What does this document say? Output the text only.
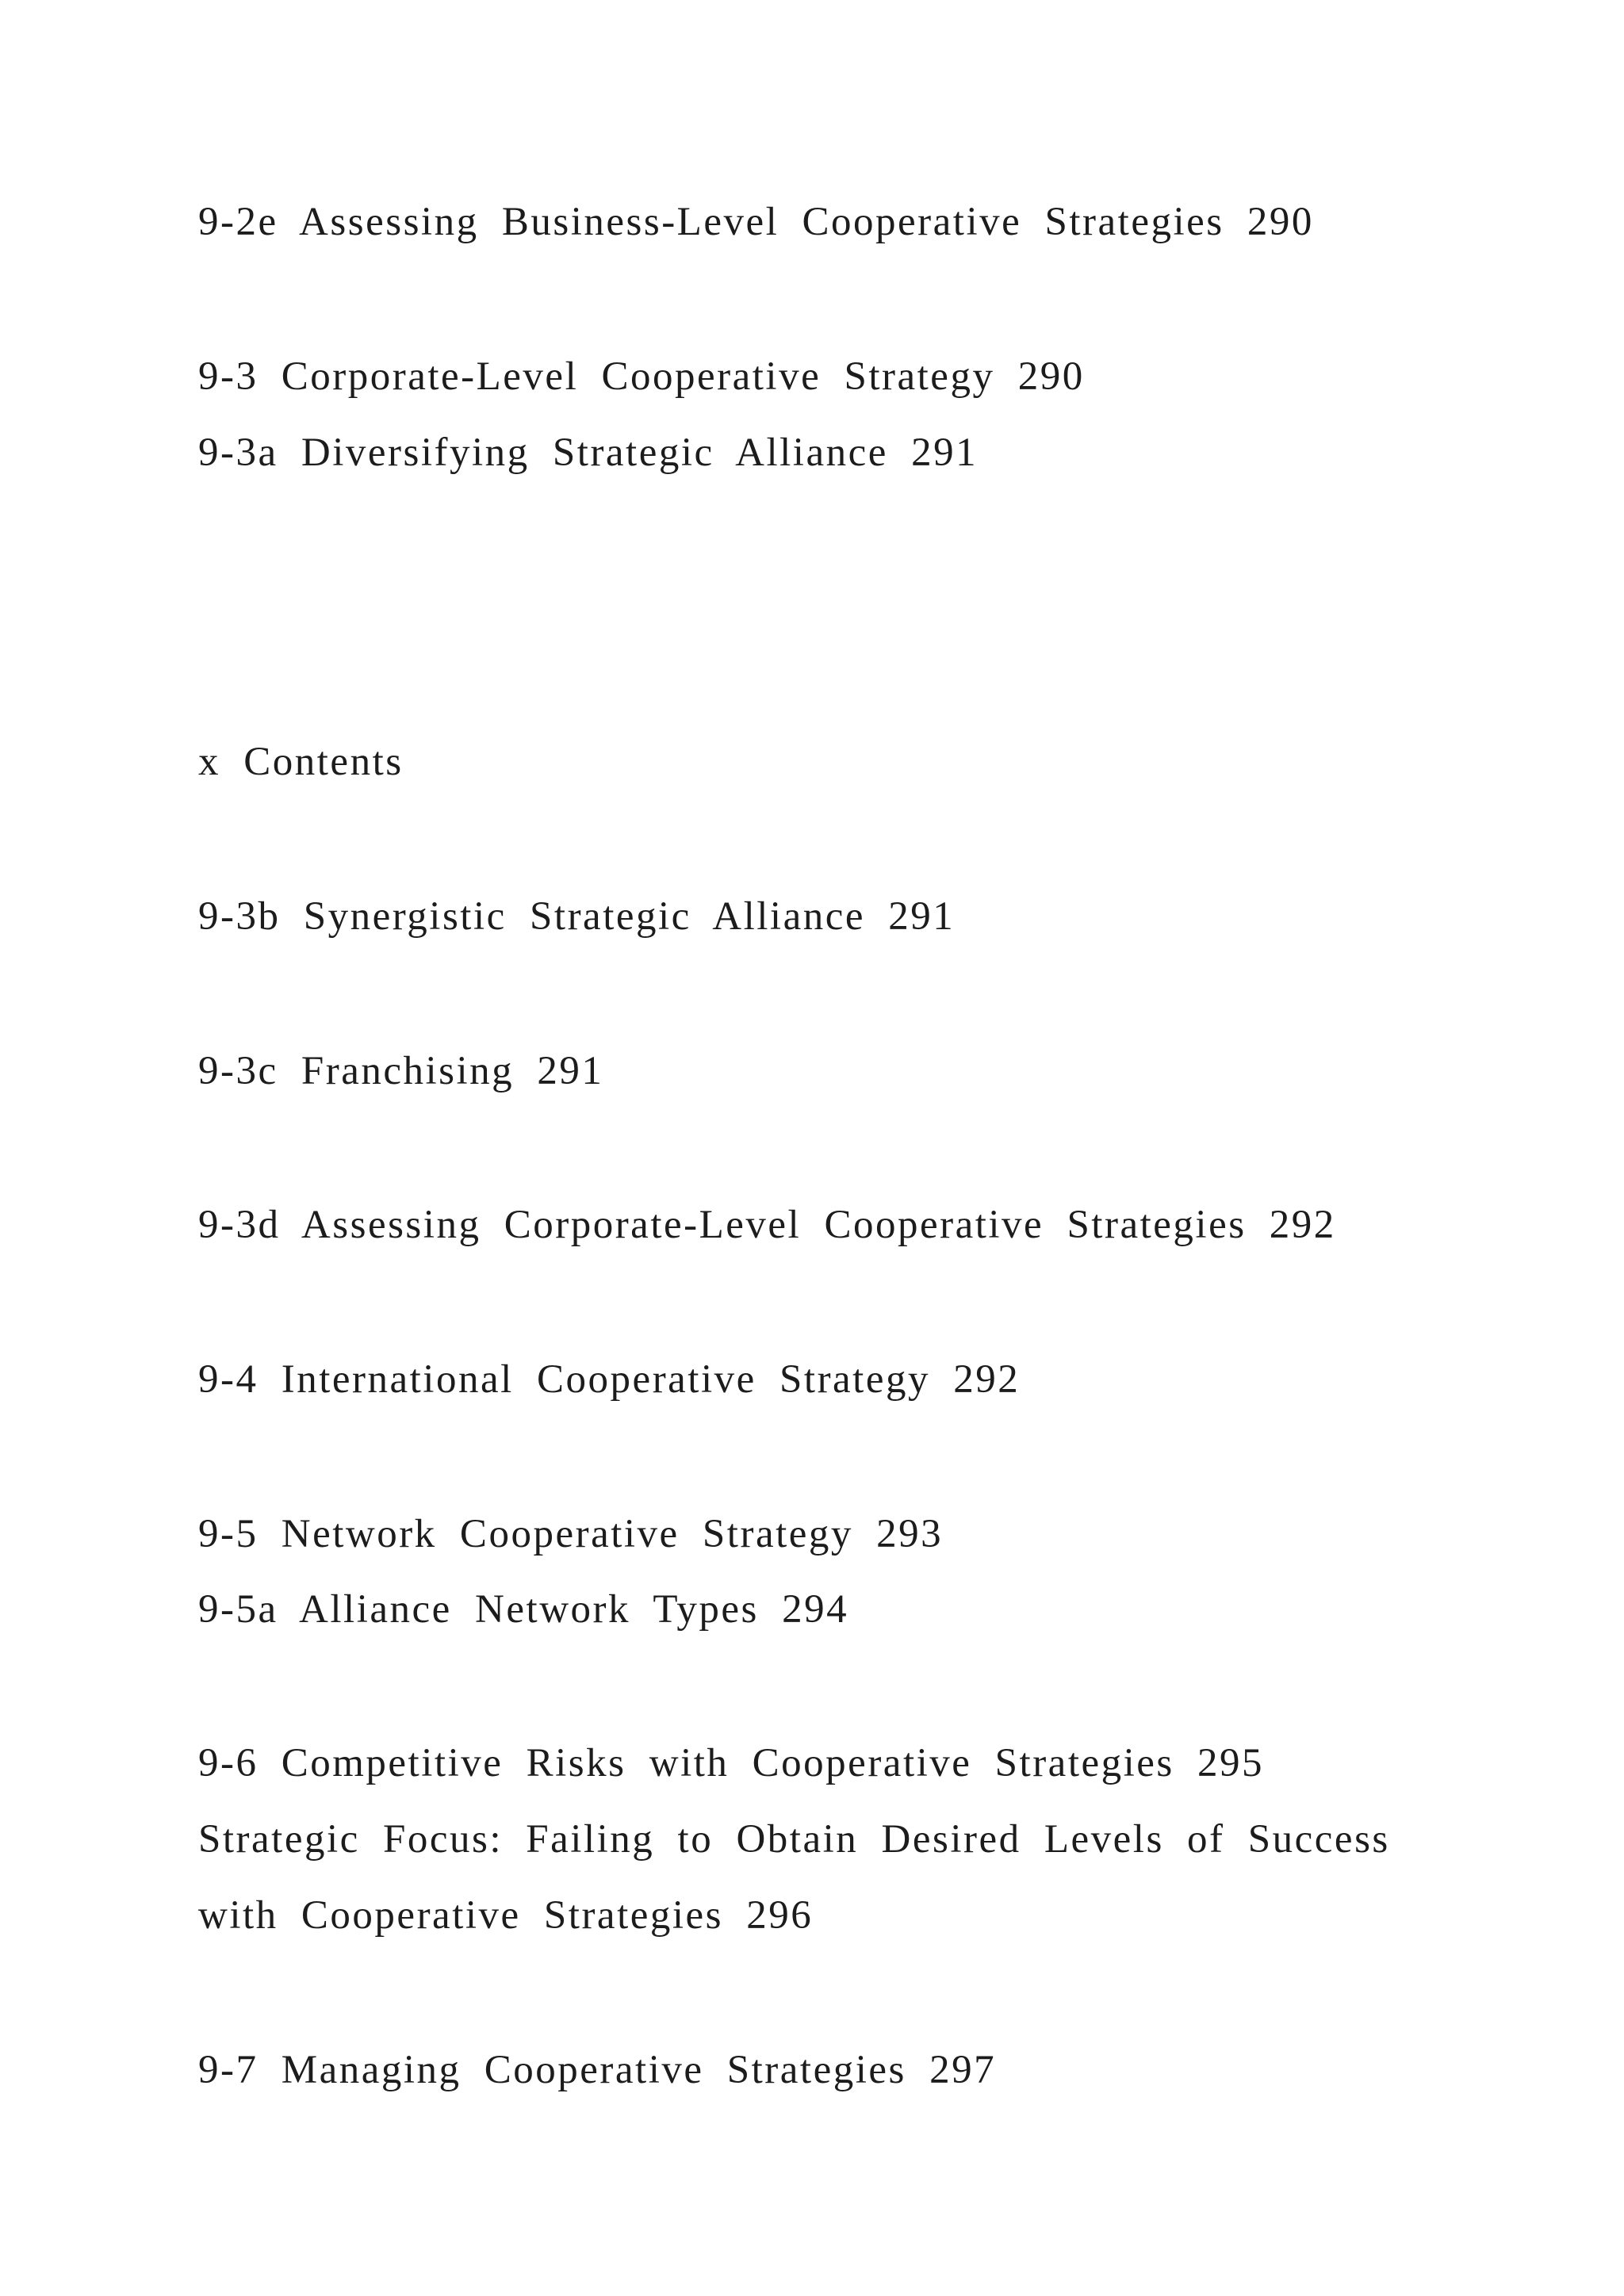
9-2e Assessing Business-Level Cooperative Strategies 290

9-3 Corporate-Level Cooperative Strategy 290

9-3a Diversifying Strategic Alliance 291

x Contents

9-3b Synergistic Strategic Alliance 291

9-3c Franchising 291

9-3d Assessing Corporate-Level Cooperative Strategies 292

9-4 International Cooperative Strategy 292

9-5 Network Cooperative Strategy 293

9-5a Alliance Network Types 294

9-6 Competitive Risks with Cooperative Strategies 295

Strategic Focus: Failing to Obtain Desired Levels of Success

with Cooperative Strategies 296

9-7 Managing Cooperative Strategies 297
